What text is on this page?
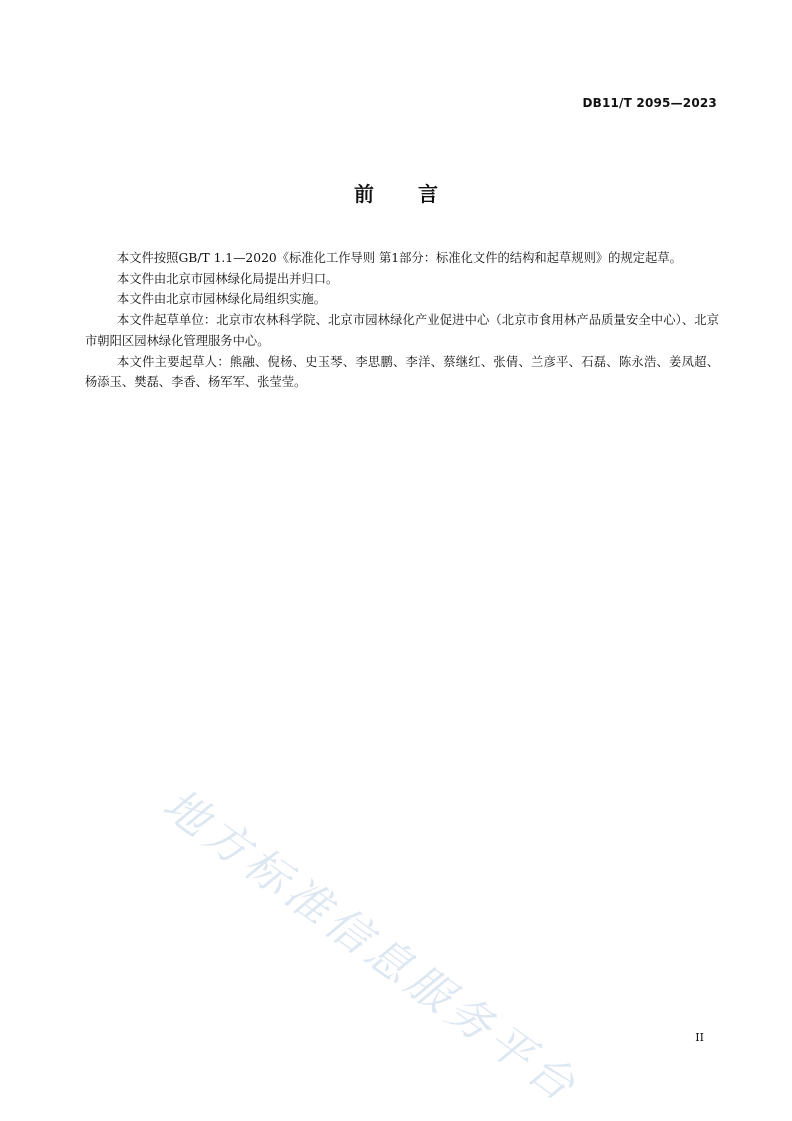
DB11/T 2095—2023
前言

本文件按照GB/T 1.1—2020《标准化工作导则 第1部分：标准化文件的结构和起草规则》的规定起草。

本文件由北京市园林绿化局提出并归口。

本文件由北京市园林绿化局组织实施。

本文件起草单位：北京市农林科学院、北京市园林绿化产业促进中心（北京市食用林产品质量安全中心）、北京市朝阳区园林绿化管理服务中心。

本文件主要起草人：熊融、倪杨、史玉琴、李思鹏、李洋、蔡继红、张倩、兰彦平、石磊、陈永浩、姜凤超、杨添玉、樊磊、李香、杨军军、张莹莹。

地方标准信息服务平台	II
